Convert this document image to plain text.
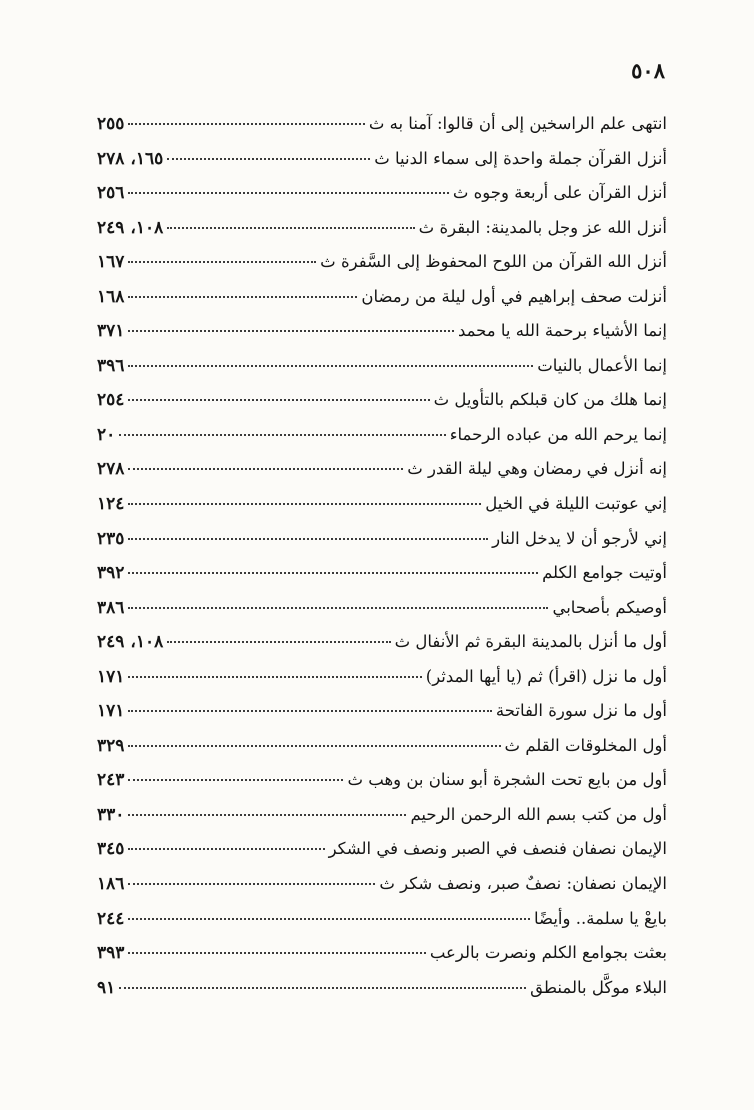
٥٠٨
انتهى علم الراسخين إلى أن قالوا: آمنا به ث
٢٥٥
أنزل القرآن جملة واحدة إلى سماء الدنيا ث
١٦٥، ٢٧٨
أنزل القرآن على أربعة وجوه ث
٢٥٦
أنزل الله عز وجل بالمدينة: البقرة ث
١٠٨، ٢٤٩
أنزل الله القرآن من اللوح المحفوظ إلى السَّفرة ث
١٦٧
أنزلت صحف إبراهيم في أول ليلة من رمضان
١٦٨
إنما الأشياء برحمة الله يا محمد
٣٧١
إنما الأعمال بالنيات
٣٩٦
إنما هلك من كان قبلكم بالتأويل ث
٢٥٤
إنما يرحم الله من عباده الرحماء
٢٠
إنه أنزل في رمضان وهي ليلة القدر ث
٢٧٨
إني عوتبت الليلة في الخيل
١٢٤
إني لأرجو أن لا يدخل النار
٢٣٥
أوتيت جوامع الكلم
٣٩٢
أوصيكم بأصحابي
٣٨٦
أول ما أنزل بالمدينة البقرة ثم الأنفال ث
١٠٨، ٢٤٩
أول ما نزل (اقرأ) ثم (يا أيها المدثر)
١٧١
أول ما نزل سورة الفاتحة
١٧١
أول المخلوقات القلم ث
٣٢٩
أول من بايع تحت الشجرة أبو سنان بن وهب ث
٢٤٣
أول من كتب بسم الله الرحمن الرحيم
٣٣٠
الإيمان نصفان فنصف في الصبر ونصف في الشكر
٣٤٥
الإيمان نصفان: نصفٌ صبر، ونصف شكر ث
١٨٦
بايعْ يا سلمة.. وأيضًا
٢٤٤
بعثت بجوامع الكلم ونصرت بالرعب
٣٩٣
البلاء موكَّل بالمنطق
٩١
